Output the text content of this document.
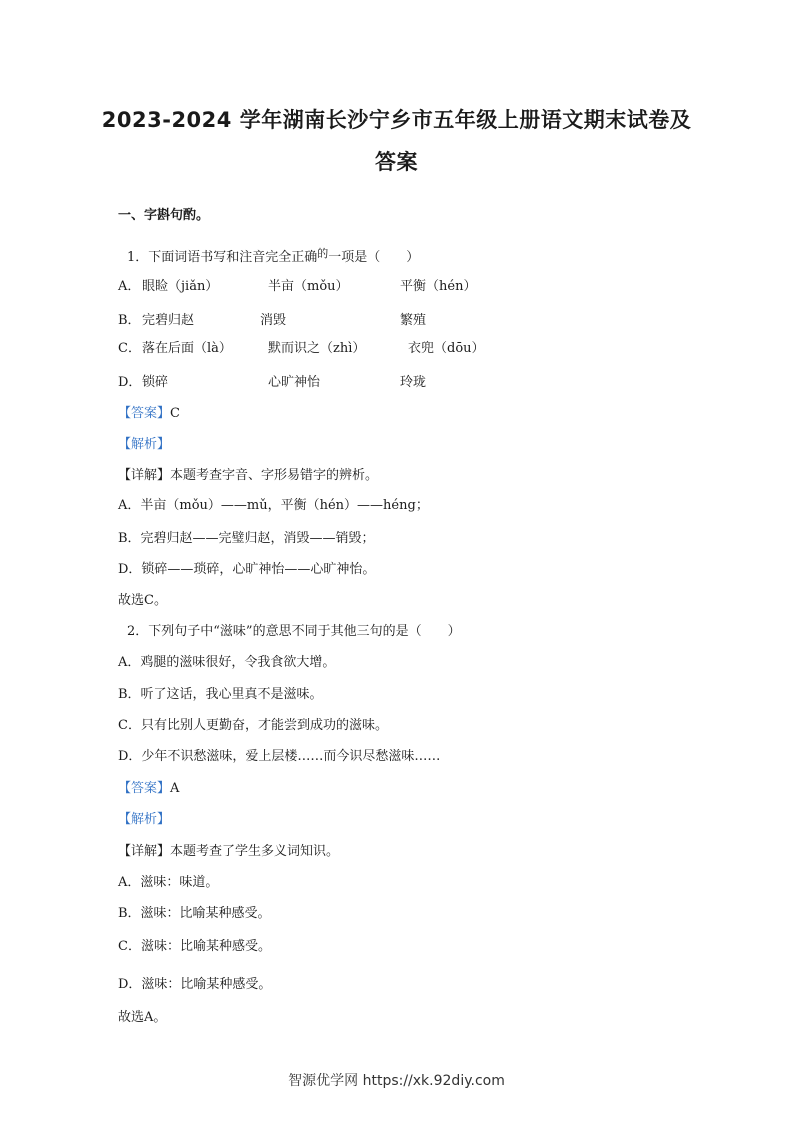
2023-2024 学年湖南长沙宁乡市五年级上册语文期末试卷及
答案
一、字斟句酌。
1．下面词语书写和注音完全正确$^的$一项是（　　）
A． 眼睑（jiǎn）	半亩（mǒu）	平衡（hén）
B． 完碧归赵	消毁	繁殖
C． 落在后面（là）	默而识之（zhì）	衣兜（dōu）
D． 锁碎	心旷神怡	玲珑
【答案】C
【解析】
【详解】本题考查字音、字形易错字的辨析。
A．半亩（mǒu）——mǔ，平衡（hén）——héng；
B．完碧归赵——完璧归赵，消毁——销毁；
D．锁碎——琐碎，心旷神怡——心旷神怡。
故选C。
2．下列句子中“滋味”的意思不同于其他三句的是（　　）
A．鸡腿的滋味很好，令我食欲大增。
B．听了这话，我心里真不是滋味。
C．只有比别人更勤奋，才能尝到成功的滋味。
D．少年不识愁滋味，爱上层楼……而今识尽愁滋味……
【答案】A
【解析】
【详解】本题考查了学生多义词知识。
A．滋味：味道。
B．滋味：比喻某种感受。
C．滋味：比喻某种感受。
D．滋味：比喻某种感受。
故选A。
智源优学网 https://xk.92diy.com
